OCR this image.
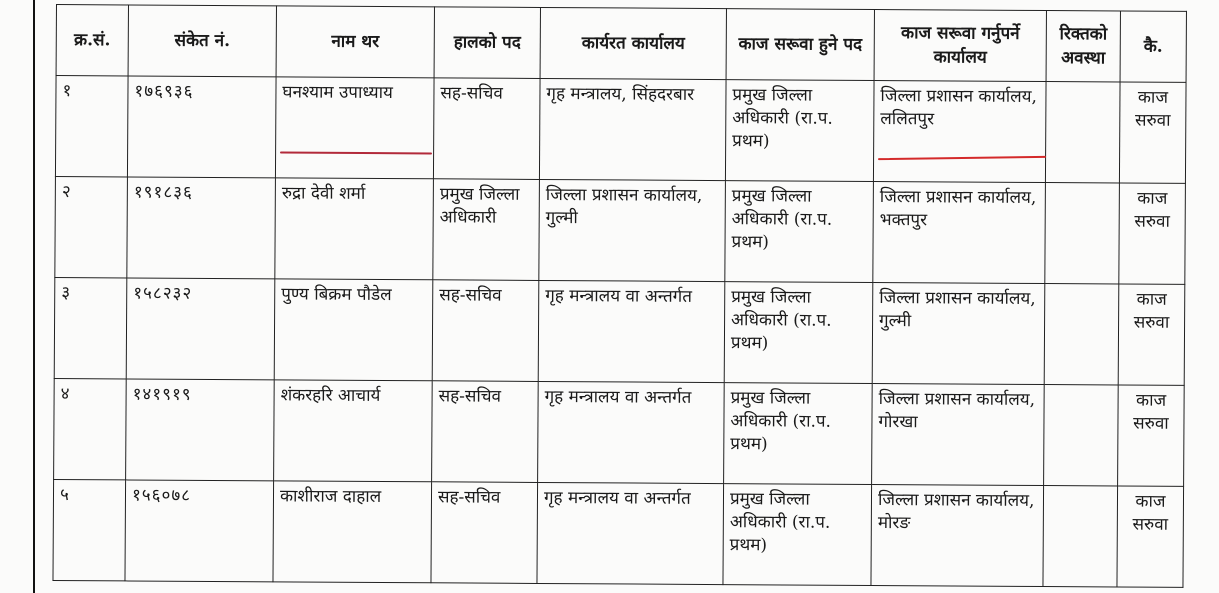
क्र.सं.	संकेत नं.	नाम थर	हालको पद	कार्यरत कार्यालय	काज सरूवा हुने पद	काज सरूवा गर्नुपर्ने कार्यालय	रिक्तको अवस्था	कै.
१	१७६९३६	घनश्याम उपाध्याय	सह-सचिव	गृह मन्त्रालय, सिंहदरबार	प्रमुख जिल्ला अधिकारी (रा.प. प्रथम)	जिल्ला प्रशासन कार्यालय, ललितपुर		काज सरुवा
२	१९१८३६	रुद्रा देवी शर्मा	प्रमुख जिल्ला अधिकारी	जिल्ला प्रशासन कार्यालय, गुल्मी	प्रमुख जिल्ला अधिकारी (रा.प. प्रथम)	जिल्ला प्रशासन कार्यालय, भक्तपुर		काज सरुवा
३	१५८२३२	पुण्य बिक्रम पौडेल	सह-सचिव	गृह मन्त्रालय वा अन्तर्गत	प्रमुख जिल्ला अधिकारी (रा.प. प्रथम)	जिल्ला प्रशासन कार्यालय, गुल्मी		काज सरुवा
४	१४१९१९	शंकरहरि आचार्य	सह-सचिव	गृह मन्त्रालय वा अन्तर्गत	प्रमुख जिल्ला अधिकारी (रा.प. प्रथम)	जिल्ला प्रशासन कार्यालय, गोरखा		काज सरुवा
५	१५६०७८	काशीराज दाहाल	सह-सचिव	गृह मन्त्रालय वा अन्तर्गत	प्रमुख जिल्ला अधिकारी (रा.प. प्रथम)	जिल्ला प्रशासन कार्यालय, मोरङ		काज सरुवा
